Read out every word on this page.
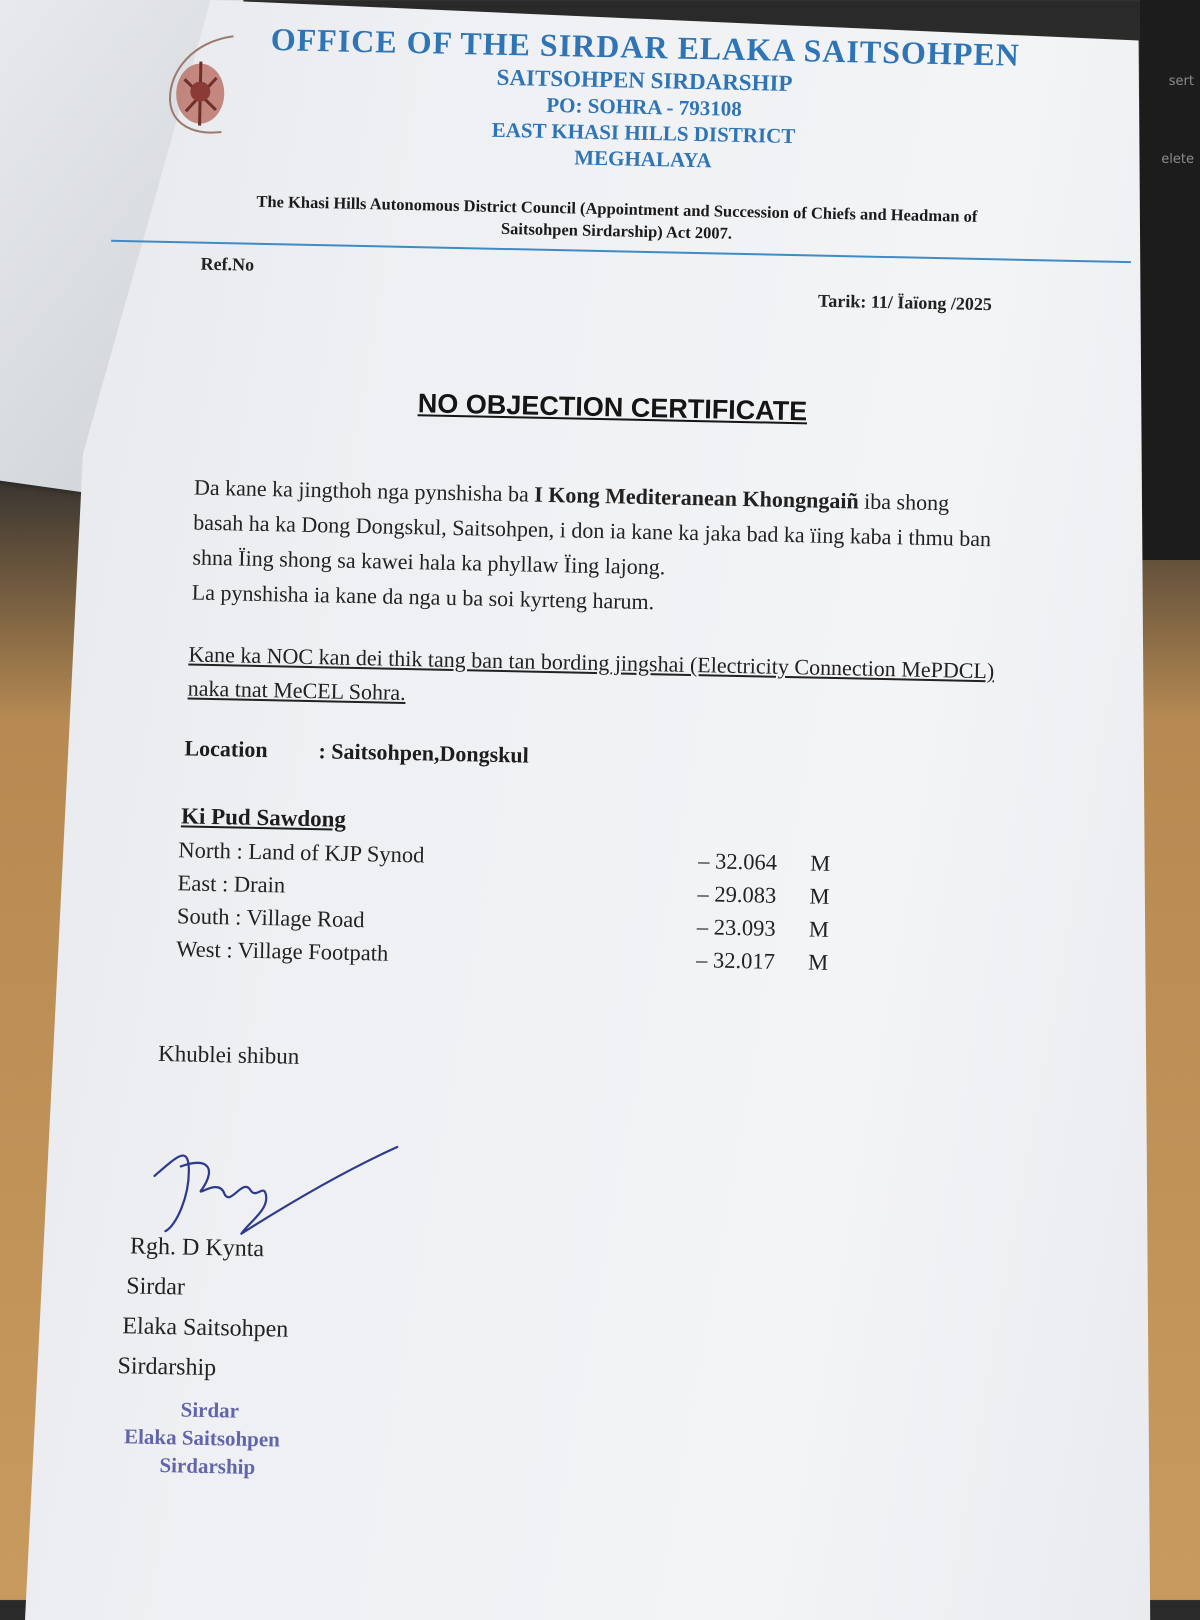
sert
elete
OFFICE OF THE SIRDAR ELAKA SAITSOHPEN
SAITSOHPEN SIRDARSHIP
PO: SOHRA - 793108
EAST KHASI HILLS DISTRICT
MEGHALAYA
The Khasi Hills Autonomous District Council (Appointment and Succession of Chiefs and Headman of
Saitsohpen Sirdarship) Act 2007.
Ref.No
Tarik: 11/ Ïaïong /2025
NO OBJECTION CERTIFICATE
Da kane ka jingthoh nga pynshisha ba I Kong Mediteranean Khongngaiñ iba shong basah ha ka Dong Dongskul, Saitsohpen, i don ia kane ka jaka bad ka ïing kaba i thmu ban shna Ïing shong sa kawei hala ka phyllaw Ïing lajong.
La pynshisha ia kane da nga u ba soi kyrteng harum.
Kane ka NOC kan dei thik tang ban tan bording jingshai (Electricity Connection MePDCL) naka tnat MeCEL Sohra.
Location : Saitsohpen,Dongskul
Ki Pud Sawdong
North : Land of KJP Synod	– 32.064 M
East : Drain	– 29.083 M
South : Village Road	– 23.093 M
West : Village Footpath	– 32.017 M
Khublei shibun
Rgh. D Kynta
Sirdar
Elaka Saitsohpen
Sirdarship
Sirdar
Elaka Saitsohpen
Sirdarship
